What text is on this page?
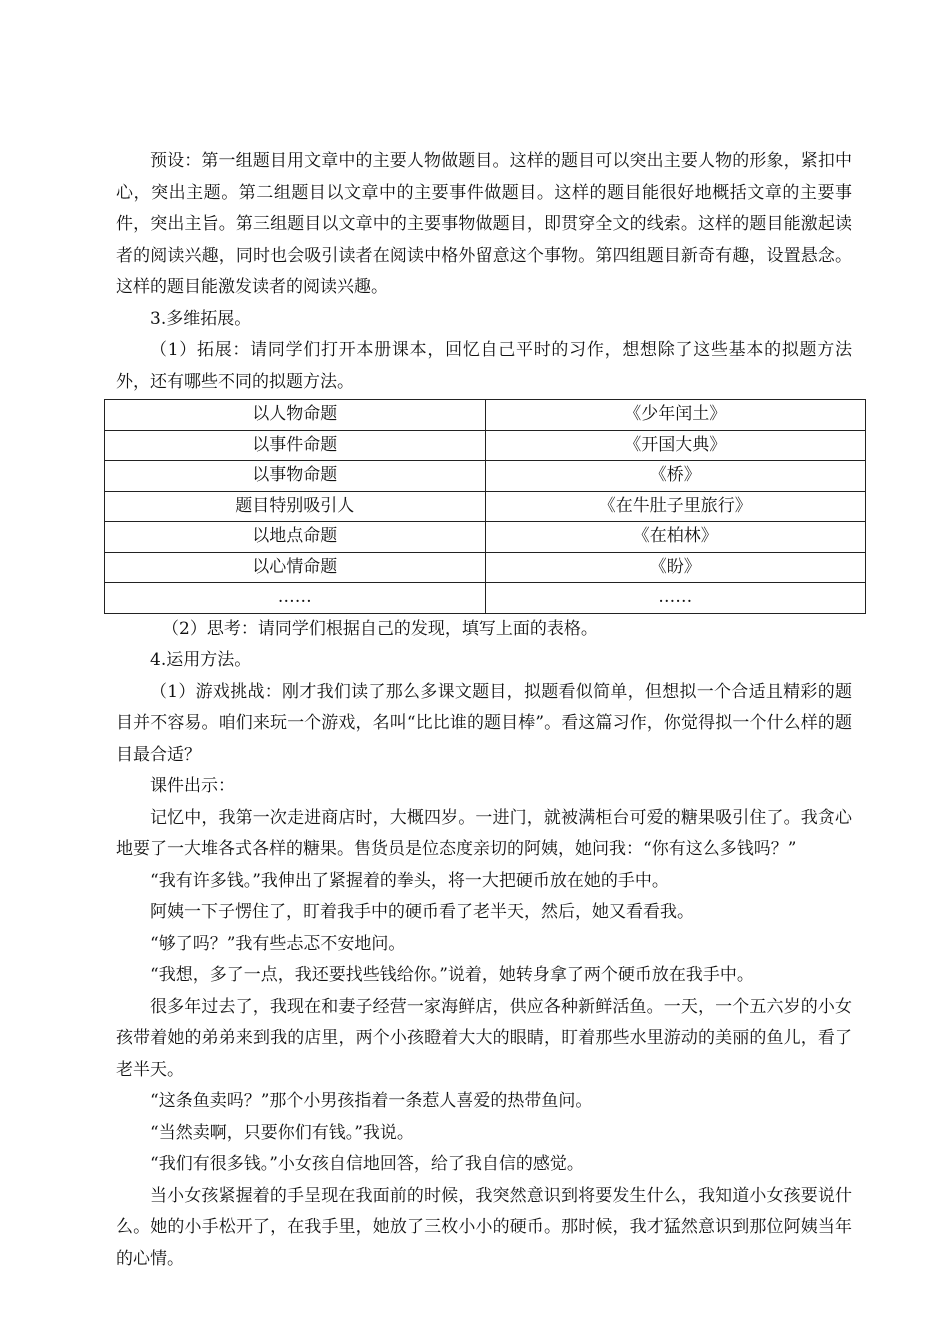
预设：第一组题目用文章中的主要人物做题目。这样的题目可以突出主要人物的形象，紧扣中心，突出主题。第二组题目以文章中的主要事件做题目。这样的题目能很好地概括文章的主要事件，突出主旨。第三组题目以文章中的主要事物做题目，即贯穿全文的线索。这样的题目能激起读者的阅读兴趣，同时也会吸引读者在阅读中格外留意这个事物。第四组题目新奇有趣，设置悬念。这样的题目能激发读者的阅读兴趣。

3.多维拓展。

（1）拓展：请同学们打开本册课本，回忆自己平时的习作，想想除了这些基本的拟题方法外，还有哪些不同的拟题方法。

以人物命题	《少年闰土》
以事件命题	《开国大典》
以事物命题	《桥》
题目特别吸引人	《在牛肚子里旅行》
以地点命题	《在柏林》
以心情命题	《盼》
……	……

（2）思考：请同学们根据自己的发现，填写上面的表格。

4.运用方法。

（1）游戏挑战：刚才我们读了那么多课文题目，拟题看似简单，但想拟一个合适且精彩的题目并不容易。咱们来玩一个游戏，名叫“比比谁的题目棒”。看这篇习作，你觉得拟一个什么样的题目最合适？

课件出示：

记忆中，我第一次走进商店时，大概四岁。一进门，就被满柜台可爱的糖果吸引住了。我贪心地要了一大堆各式各样的糖果。售货员是位态度亲切的阿姨，她问我：“你有这么多钱吗？”

“我有许多钱。”我伸出了紧握着的拳头，将一大把硬币放在她的手中。

阿姨一下子愣住了，盯着我手中的硬币看了老半天，然后，她又看看我。

“够了吗？”我有些忐忑不安地问。

“我想，多了一点，我还要找些钱给你。”说着，她转身拿了两个硬币放在我手中。

很多年过去了，我现在和妻子经营一家海鲜店，供应各种新鲜活鱼。一天，一个五六岁的小女孩带着她的弟弟来到我的店里，两个小孩瞪着大大的眼睛，盯着那些水里游动的美丽的鱼儿，看了老半天。

“这条鱼卖吗？”那个小男孩指着一条惹人喜爱的热带鱼问。

“当然卖啊，只要你们有钱。”我说。

“我们有很多钱。”小女孩自信地回答，给了我自信的感觉。

当小女孩紧握着的手呈现在我面前的时候，我突然意识到将要发生什么，我知道小女孩要说什么。她的小手松开了，在我手里，她放了三枚小小的硬币。那时候，我才猛然意识到那位阿姨当年的心情。
